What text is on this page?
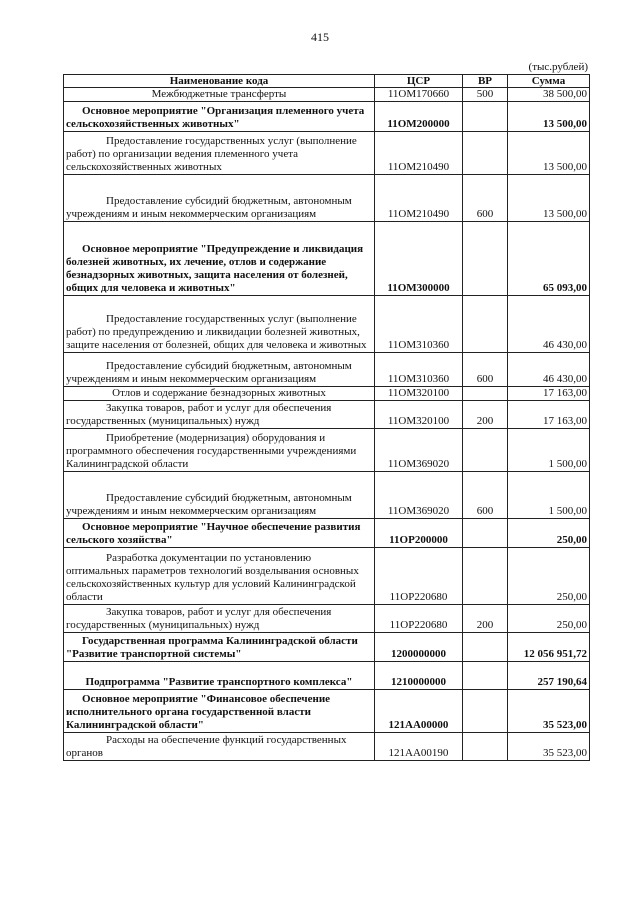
415
(тыс.рублей)
Наименование кода	ЦСР	ВР	Сумма
Межбюджетные трансферты	11OM170660	500	38 500,00
Основное мероприятие "Организация племенного учета сельскохозяйственных животных"	11OM200000		13 500,00
Предоставление государственных услуг (выполнение работ) по организации ведения племенного учета сельскохозяйственных животных	11OM210490		13 500,00
Предоставление субсидий бюджетным, автономным учреждениям и иным некоммерческим организациям	11OM210490	600	13 500,00
Основное мероприятие "Предупреждение и ликвидация болезней животных, их лечение, отлов и содержание безнадзорных животных, защита населения от болезней, общих для человека и животных"	11OM300000		65 093,00
Предоставление государственных услуг (выполнение работ) по предупреждению и ликвидации болезней животных, защите населения от болезней, общих для человека и животных	11OM310360		46 430,00
Предоставление субсидий бюджетным, автономным учреждениям и иным некоммерческим организациям	11OM310360	600	46 430,00
Отлов и содержание безнадзорных животных	11OM320100		17 163,00
Закупка товаров, работ и услуг для обеспечения государственных (муниципальных) нужд	11OM320100	200	17 163,00
Приобретение (модернизация) оборудования и программного обеспечения государственными учреждениями Калининградской области	11OM369020		1 500,00
Предоставление субсидий бюджетным, автономным учреждениям и иным некоммерческим организациям	11OM369020	600	1 500,00
Основное мероприятие "Научное обеспечение развития сельского хозяйства"	11OP200000		250,00
Разработка документации по установлению оптимальных параметров технологий возделывания основных сельскохозяйственных культур для условий Калининградской области	11OP220680		250,00
Закупка товаров, работ и услуг для обеспечения государственных (муниципальных) нужд	11OP220680	200	250,00
Государственная программа Калининградской области "Развитие транспортной системы"	1200000000		12 056 951,72
Подпрограмма "Развитие транспортного комплекса"	1210000000		257 190,64
Основное мероприятие "Финансовое обеспечение исполнительного органа государственной власти Калининградской области"	121AA00000		35 523,00
Расходы на обеспечение функций государственных органов	121AA00190		35 523,00
